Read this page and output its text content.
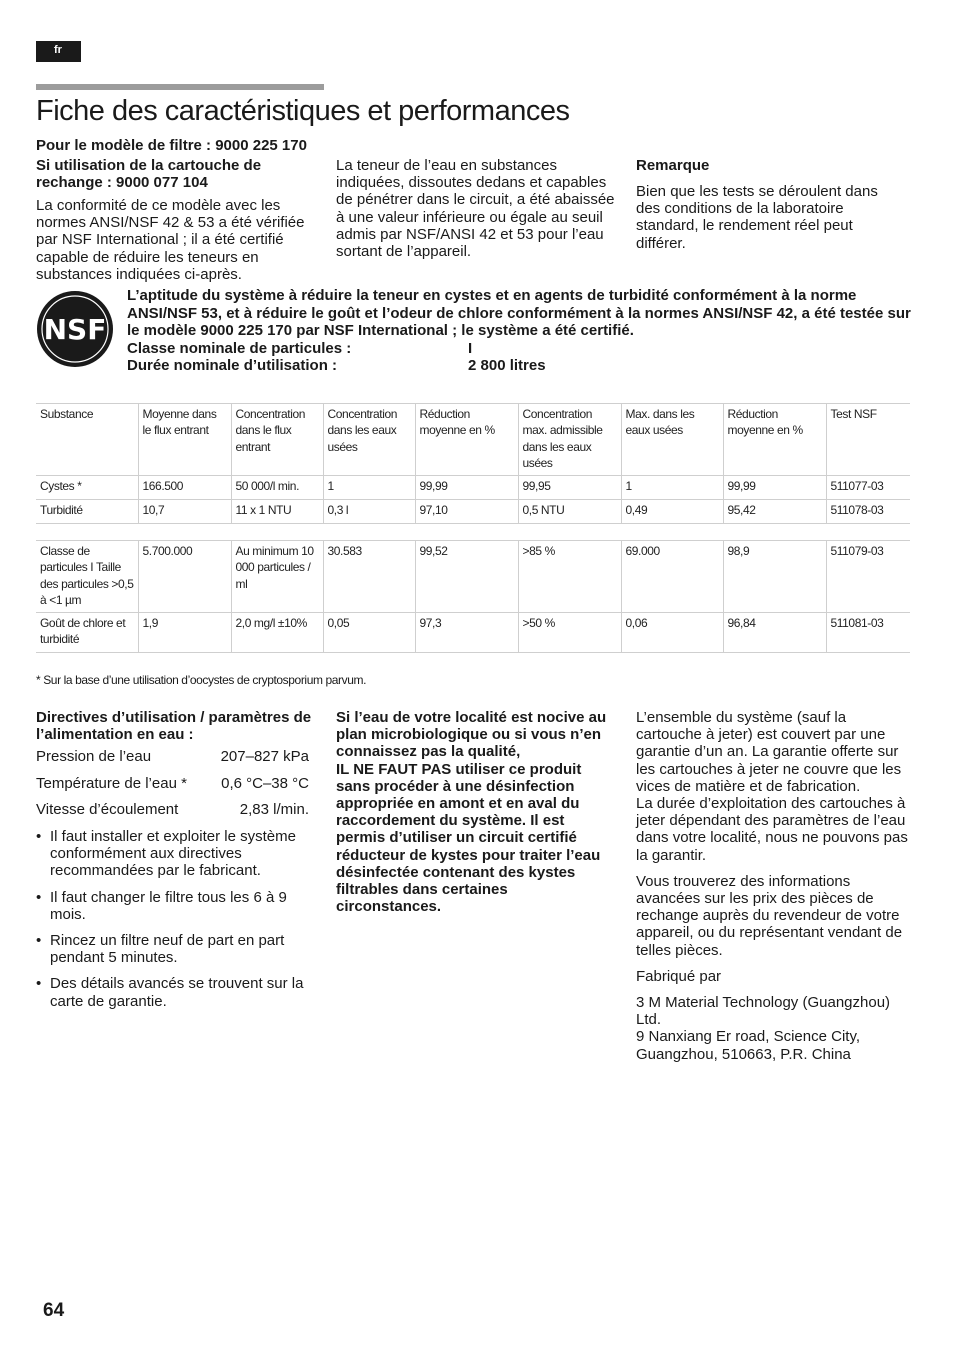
fr
Fiche des caractéristiques et performances
Pour le modèle de filtre : 9000 225 170
Si utilisation de la cartouche de rechange : 9000 077 104
La conformité de ce modèle avec les normes ANSI/NSF 42 & 53 a été vérifiée par NSF International ; il a été certifié capable de réduire les teneurs en substances indiquées ci-après.
La teneur de l’eau en substances indiquées, dissoutes dedans et capables de pénétrer dans le circuit, a été abaissée à une valeur inférieure ou égale au seuil admis par NSF/ANSI 42 et 53 pour l’eau sortant de l’appareil.
Remarque
Bien que les tests se déroulent dans des conditions de la laboratoire standard, le rendement réel peut différer.
NSF
L’aptitude du système à réduire la teneur en cystes et en agents de turbidité conformément à la norme ANSI/NSF 53, et à réduire le goût et l’odeur de chlore conformément à la normes ANSI/NSF 42, a été testée sur le modèle 9000 225 170 par NSF International ; le système a été certifié.
Classe nominale de particules :	I
Durée nominale d’utilisation :	2 800 litres
Substance	Moyenne dans le flux entrant	Concentration dans le flux entrant	Concentration dans les eaux usées	Réduction moyenne en %	Concentration max. admissible dans les eaux usées	Max. dans les eaux usées	Réduction moyenne en %	Test NSF
Cystes *	166.500	50 000/l min.	1	99,99	99,95	1	99,99	511077-03
Turbidité	10,7	11 x 1 NTU	0,3 l	97,10	0,5 NTU	0,49	95,42	511078-03
Classe de particules I Taille des particules >0,5 à <1 µm	5.700.000	Au minimum 10 000 particules / ml	30.583	99,52	>85 %	69.000	98,9	511079-03
Goût de chlore et turbidité	1,9	2,0 mg/l ±10%	0,05	97,3	>50 %	0,06	96,84	511081-03
* Sur la base d’une utilisation d’oocystes de cryptosporium parvum.
Directives d’utilisation / paramètres de l’alimentation en eau :
Pression de l’eau	207–827 kPa
Température de l’eau * 0,6 °C–38 °C
Vitesse d’écoulement	2,83 l/min.
• Il faut installer et exploiter le système conformément aux directives recommandées par le fabricant.
• Il faut changer le filtre tous les 6 à 9 mois.
• Rincez un filtre neuf de part en part pendant 5 minutes.
• Des détails avancés se trouvent sur la carte de garantie.
Si l’eau de votre localité est nocive au plan microbiologique ou si vous n’en connaissez pas la qualité,
IL NE FAUT PAS utiliser ce produit sans procéder à une désinfection appropriée en amont et en aval du raccordement du système. Il est permis d’utiliser un circuit certifié réducteur de kystes pour traiter l’eau désinfectée contenant des kystes filtrables dans certaines circonstances.

L’ensemble du système (sauf la cartouche à jeter) est couvert par une garantie d’un an. La garantie offerte sur les cartouches à jeter ne couvre que les vices de matière et de fabrication.
La durée d’exploitation des cartouches à jeter dépendant des paramètres de l’eau dans votre localité, nous ne pouvons pas la garantir.

Vous trouverez des informations avancées sur les prix des pièces de rechange auprès du revendeur de votre appareil, ou du représentant vendant de telles pièces.

Fabriqué par

3 M Material Technology (Guangzhou) Ltd.
9 Nanxiang Er road, Science City,
Guangzhou, 510663, P.R. China

64
